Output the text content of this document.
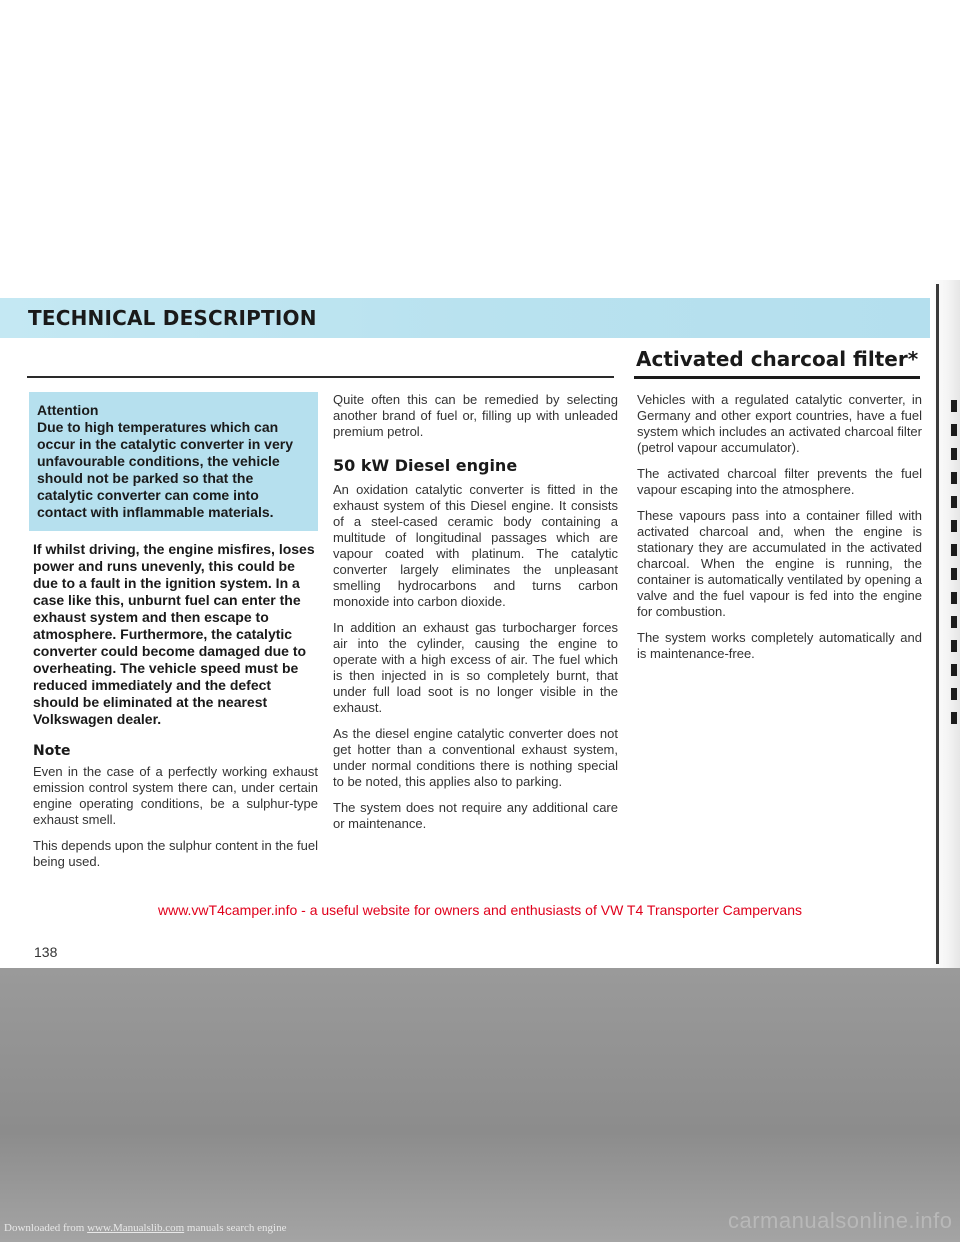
TECHNICAL DESCRIPTION
Activated charcoal filter*
Attention
Due to high temperatures which can occur in the catalytic converter in very unfavourable conditions, the vehicle should not be parked so that the catalytic converter can come into contact with inflammable materials.
If whilst driving, the engine misfires, loses power and runs unevenly, this could be due to a fault in the ignition system. In a case like this, unburnt fuel can enter the exhaust system and then escape to atmosphere. Furthermore, the catalytic converter could become damaged due to overheating. The vehicle speed must be reduced immediately and the defect should be eliminated at the nearest Volkswagen dealer.
Note
Even in the case of a perfectly working exhaust emission control system there can, under certain engine operating conditions, be a sulphur-type exhaust smell.
This depends upon the sulphur content in the fuel being used.
Quite often this can be remedied by selecting another brand of fuel or, filling up with unleaded premium petrol.
50 kW Diesel engine
An oxidation catalytic converter is fitted in the exhaust system of this Diesel engine. It consists of a steel-cased ceramic body containing a multitude of longitudinal passages which are vapour coated with platinum. The catalytic converter largely eliminates the unpleasant smelling hydrocarbons and turns carbon monoxide into carbon dioxide.
In addition an exhaust gas turbocharger forces air into the cylinder, causing the engine to operate with a high excess of air. The fuel which is then injected in is so completely burnt, that under full load soot is no longer visible in the exhaust.
As the diesel engine catalytic converter does not get hotter than a conventional exhaust system, under normal conditions there is nothing special to be noted, this applies also to parking.
The system does not require any additional care or maintenance.
Vehicles with a regulated catalytic converter, in Germany and other export countries, have a fuel system which includes an activated charcoal filter (petrol vapour accumulator).
The activated charcoal filter prevents the fuel vapour escaping into the atmosphere.
These vapours pass into a container filled with activated charcoal and, when the engine is stationary they are accumulated in the activated charcoal. When the engine is running, the container is automatically ventilated by opening a valve and the fuel vapour is fed into the engine for combustion.
The system works completely automatically and is maintenance-free.
www.vwT4camper.info - a useful website for owners and enthusiasts of VW T4 Transporter Campervans
138
carmanualsonline.info
Downloaded from www.Manualslib.com manuals search engine
